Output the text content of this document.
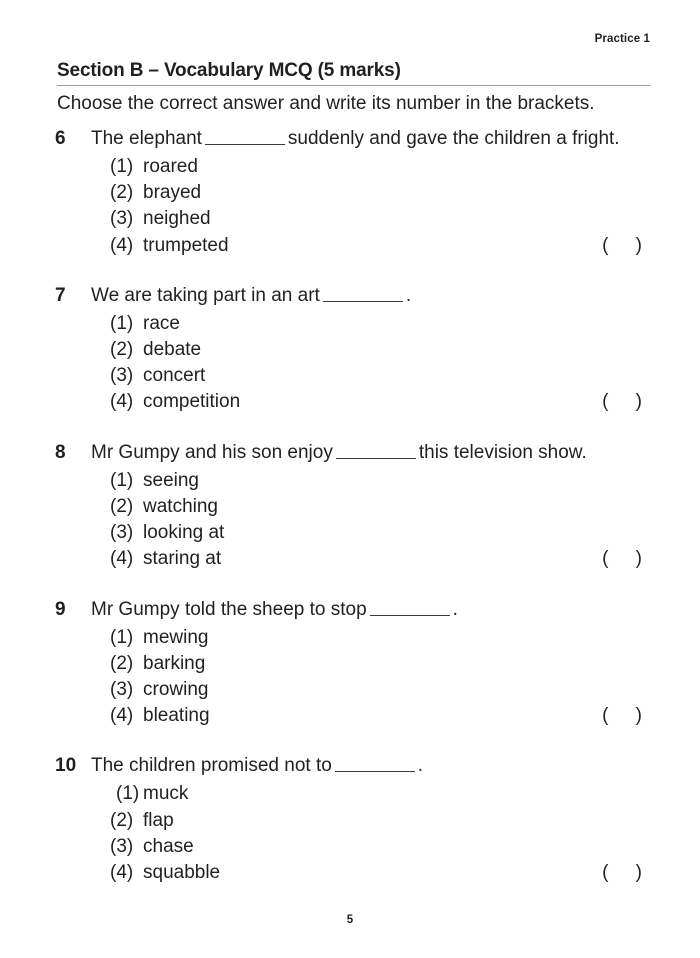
Practice 1
Section B – Vocabulary MCQ (5 marks)
Choose the correct answer and write its number in the brackets.
6	The elephant	suddenly and gave the children a fright.
(1) roared
(2) brayed
(3) neighed
(4) trumpeted	( )
7	We are taking part in an art	.
(1) race
(2) debate
(3) concert
(4) competition	( )
8	Mr Gumpy and his son enjoy	this television show.
(1) seeing
(2) watching
(3) looking at
(4) staring at	( )
9	Mr Gumpy told the sheep to stop	.
(1) mewing
(2) barking
(3) crowing
(4) bleating	( )
10 The children promised not to	.
(1) muck
(2) flap
(3) chase
(4) squabble	( )
5
